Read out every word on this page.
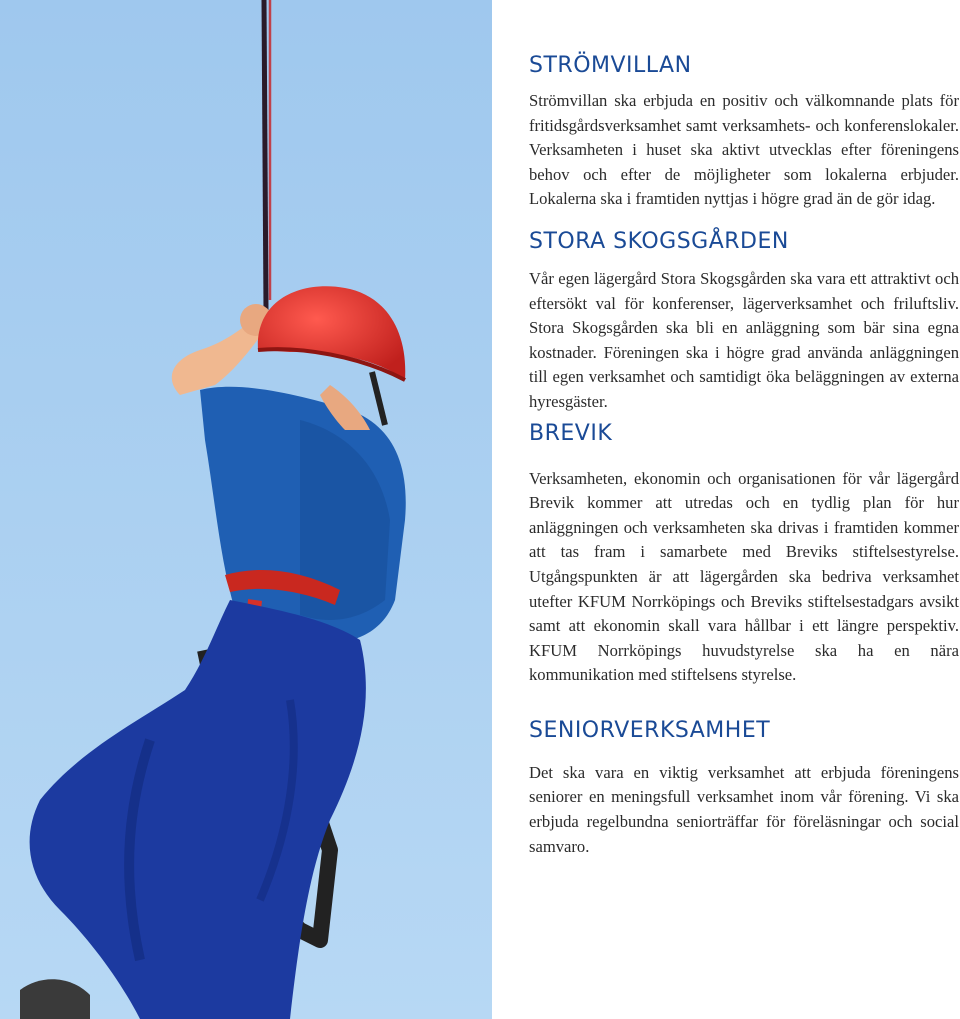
STRÖMVILLAN

Strömvillan ska erbjuda en positiv och välkomnande plats för fritidsgårdsverksamhet samt verksamhets- och konferenslokaler. Verksamheten i huset ska aktivt utvecklas efter föreningens behov och efter de möjligheter som lokalerna erbjuder. Lokalerna ska i framtiden nyttjas i högre grad än de gör idag.

STORA SKOGSGÅRDEN

Vår egen lägergård Stora Skogsgården ska vara ett attraktivt och eftersökt val för konferenser, lägerverksamhet och friluftsliv. Stora Skogsgården ska bli en anläggning som bär sina egna kostnader. Föreningen ska i högre grad använda anläggningen till egen verksamhet och samtidigt öka beläggningen av externa hyresgäster.

BREVIK

Verksamheten, ekonomin och organisationen för vår lägergård Brevik kommer att utredas och en tydlig plan för hur anläggningen och verksamheten ska drivas i framtiden kommer att tas fram i samarbete med Breviks stiftelsestyrelse. Utgångspunkten är att lägergården ska bedriva verksamhet utefter KFUM Norrköpings och Breviks stiftelsestadgars avsikt samt att ekonomin skall vara hållbar i ett längre perspektiv. KFUM Norrköpings huvudstyrelse ska ha en nära kommunikation med stiftelsens styrelse.

SENIORVERKSAMHET

Det ska vara en viktig verksamhet att erbjuda föreningens seniorer en meningsfull verksamhet inom vår förening. Vi ska erbjuda regelbundna seniorträffar för föreläsningar och social samvaro.
